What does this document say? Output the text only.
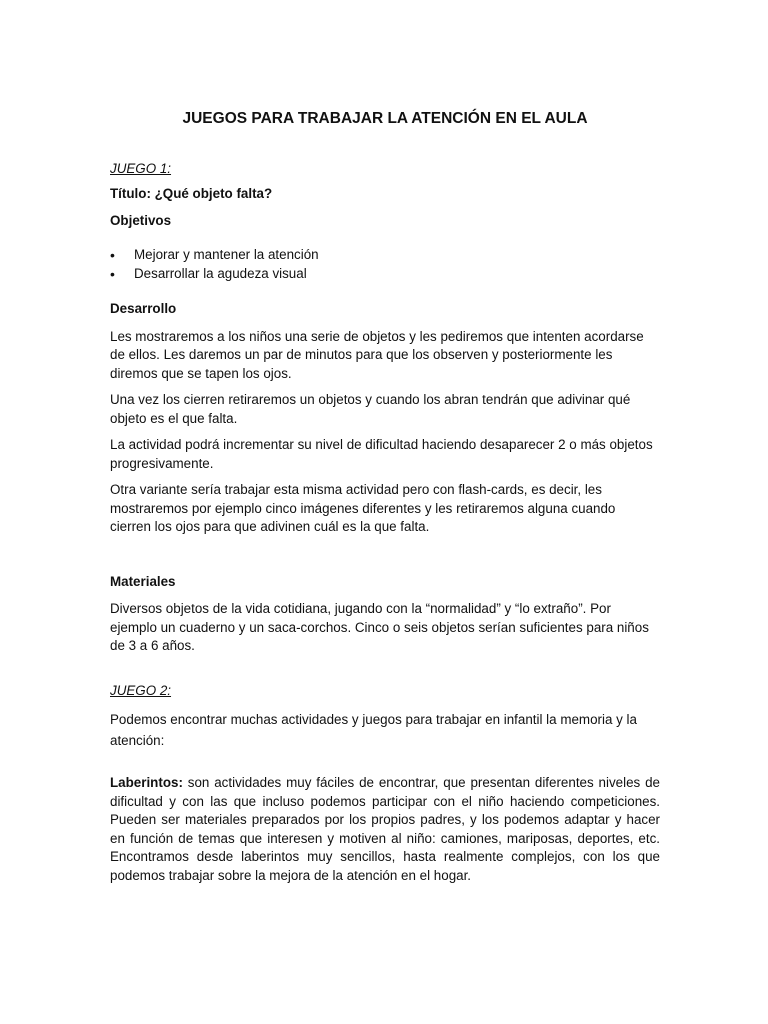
JUEGOS PARA TRABAJAR LA ATENCIÓN EN EL AULA

JUEGO 1:

Título: ¿Qué objeto falta?

Objetivos

• Mejorar y mantener la atención
• Desarrollar la agudeza visual

Desarrollo

Les mostraremos a los niños una serie de objetos y les pediremos que intenten acordarse de ellos. Les daremos un par de minutos para que los observen y posteriormente les diremos que se tapen los ojos.

Una vez los cierren retiraremos un objetos y cuando los abran tendrán que adivinar qué objeto es el que falta.

La actividad podrá incrementar su nivel de dificultad haciendo desaparecer 2 o más objetos progresivamente.

Otra variante sería trabajar esta misma actividad pero con flash-cards, es decir, les mostraremos por ejemplo cinco imágenes diferentes y les retiraremos alguna cuando cierren los ojos para que adivinen cuál es la que falta.

Materiales

Diversos objetos de la vida cotidiana, jugando con la “normalidad” y “lo extraño”. Por ejemplo un cuaderno y un saca-corchos. Cinco o seis objetos serían suficientes para niños de 3 a 6 años.

JUEGO 2:

Podemos encontrar muchas actividades y juegos para trabajar en infantil la memoria y la atención:

Laberintos: son actividades muy fáciles de encontrar, que presentan diferentes niveles de dificultad y con las que incluso podemos participar con el niño haciendo competiciones. Pueden ser materiales preparados por los propios padres, y los podemos adaptar y hacer en función de temas que interesen y motiven al niño: camiones, mariposas, deportes, etc. Encontramos desde laberintos muy sencillos, hasta realmente complejos, con los que podemos trabajar sobre la mejora de la atención en el hogar.
